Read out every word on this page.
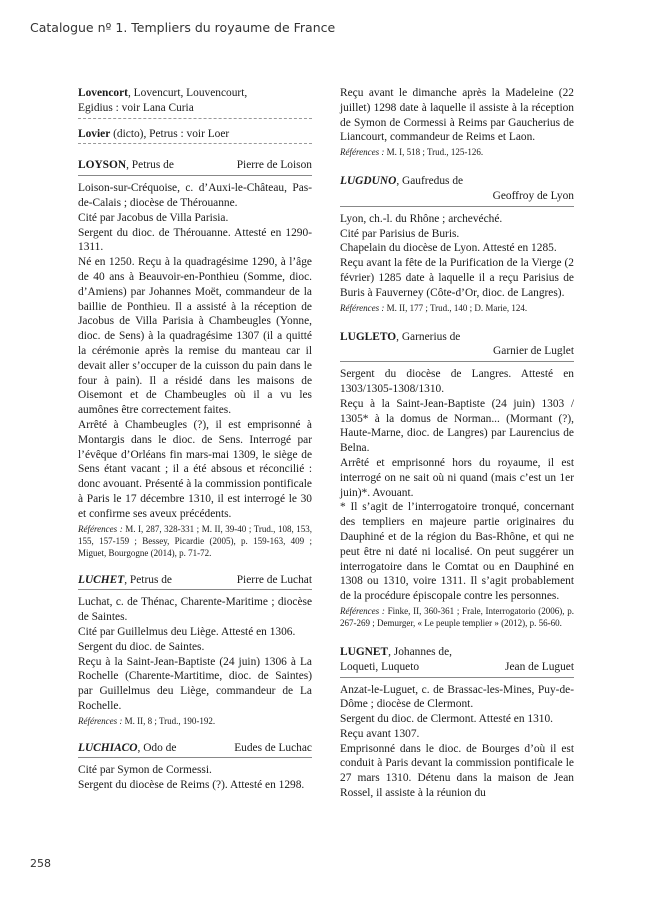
Catalogue nº 1. Templiers du royaume de France
Lovencort, Lovencurt, Louvencourt,
Egidius : voir Lana Curia
Lovier (dicto), Petrus : voir Loer
LOYSON, Petrus de	Pierre de Loison
Loison-sur-Créquoise, c. d’Auxi-le-Château, Pas-de-Calais ; diocèse de Thérouanne.
Cité par Jacobus de Villa Parisia.
Sergent du dioc. de Thérouanne. Attesté en 1290-1311.
Né en 1250. Reçu à la quadragésime 1290, à l’âge de 40 ans à Beauvoir-en-Ponthieu (Somme, dioc. d’Amiens) par Johannes Moët, commandeur de la baillie de Ponthieu. Il a assisté à la réception de Jacobus de Villa Parisia à Chambeugles (Yonne, dioc. de Sens) à la quadragésime 1307 (il a quitté la cérémonie après la remise du manteau car il devait aller s’occuper de la cuisson du pain dans le four à pain). Il a résidé dans les maisons de Oisemont et de Chambeugles où il a vu les aumônes être correctement faites.
Arrêté à Chambeugles (?), il est emprisonné à Montargis dans le dioc. de Sens. Interrogé par l’évêque d’Orléans fin mars-mai 1309, le siège de Sens étant vacant ; il a été absous et réconcilié : donc avouant. Présenté à la commission pontificale à Paris le 17 décembre 1310, il est interrogé le 30 et confirme ses aveux précédents.
Références : M. I, 287, 328-331 ; M. II, 39-40 ; Trud., 108, 153, 155, 157-159 ; Bessey, Picardie (2005), p. 159-163, 409 ; Miguet, Bourgogne (2014), p. 71-72.
LUCHET, Petrus de	Pierre de Luchat
Luchat, c. de Thénac, Charente-Maritime ; diocèse de Saintes.
Cité par Guillelmus deu Liège. Attesté en 1306.
Sergent du dioc. de Saintes.
Reçu à la Saint-Jean-Baptiste (24 juin) 1306 à La Rochelle (Charente-Martitime, dioc. de Saintes) par Guillelmus deu Liège, commandeur de La Rochelle.
Références : M. II, 8 ; Trud., 190-192.
LUCHIACO, Odo de	Eudes de Luchac
Cité par Symon de Cormessi.
Sergent du diocèse de Reims (?). Attesté en 1298.
Reçu avant le dimanche après la Madeleine (22 juillet) 1298 date à laquelle il assiste à la réception de Symon de Cormessi à Reims par Gaucherius de Liancourt, commandeur de Reims et Laon.
Références : M. I, 518 ; Trud., 125-126.
LUGDUNO, Gaufredus de
Geoffroy de Lyon
Lyon, ch.-l. du Rhône ; archevéché.
Cité par Parisius de Buris.
Chapelain du diocèse de Lyon. Attesté en 1285.
Reçu avant la fête de la Purification de la Vierge (2 février) 1285 date à laquelle il a reçu Parisius de Buris à Fauverney (Côte-d’Or, dioc. de Langres).
Références : M. II, 177 ; Trud., 140 ; D. Marie, 124.
LUGLETO, Garnerius de
Garnier de Luglet
Sergent du diocèse de Langres. Attesté en 1303/1305-1308/1310.
Reçu à la Saint-Jean-Baptiste (24 juin) 1303 / 1305* à la domus de Norman... (Mormant (?), Haute-Marne, dioc. de Langres) par Laurencius de Belna.
Arrêté et emprisonné hors du royaume, il est interrogé on ne sait où ni quand (mais c’est un 1er juin)*. Avouant.
* Il s’agit de l’interrogatoire tronqué, concernant des templiers en majeure partie originaires du Dauphiné et de la région du Bas-Rhône, et qui ne peut être ni daté ni localisé. On peut suggérer un interrogatoire dans le Comtat ou en Dauphiné en 1308 ou 1310, voire 1311. Il s’agit probablement de la procédure épiscopale contre les personnes.
Références : Finke, II, 360-361 ; Frale, Interrogatorio (2006), p. 267-269 ; Demurger, « Le peuple templier » (2012), p. 56-60.
LUGNET, Johannes de,
Loqueti, Luqueto	Jean de Luguet
Anzat-le-Luguet, c. de Brassac-les-Mines, Puy-de-Dôme ; diocèse de Clermont.
Sergent du dioc. de Clermont. Attesté en 1310.
Reçu avant 1307.
Emprisonné dans le dioc. de Bourges d’où il est conduit à Paris devant la commission pontificale le 27 mars 1310. Détenu dans la maison de Jean Rossel, il assiste à la réunion du
258
